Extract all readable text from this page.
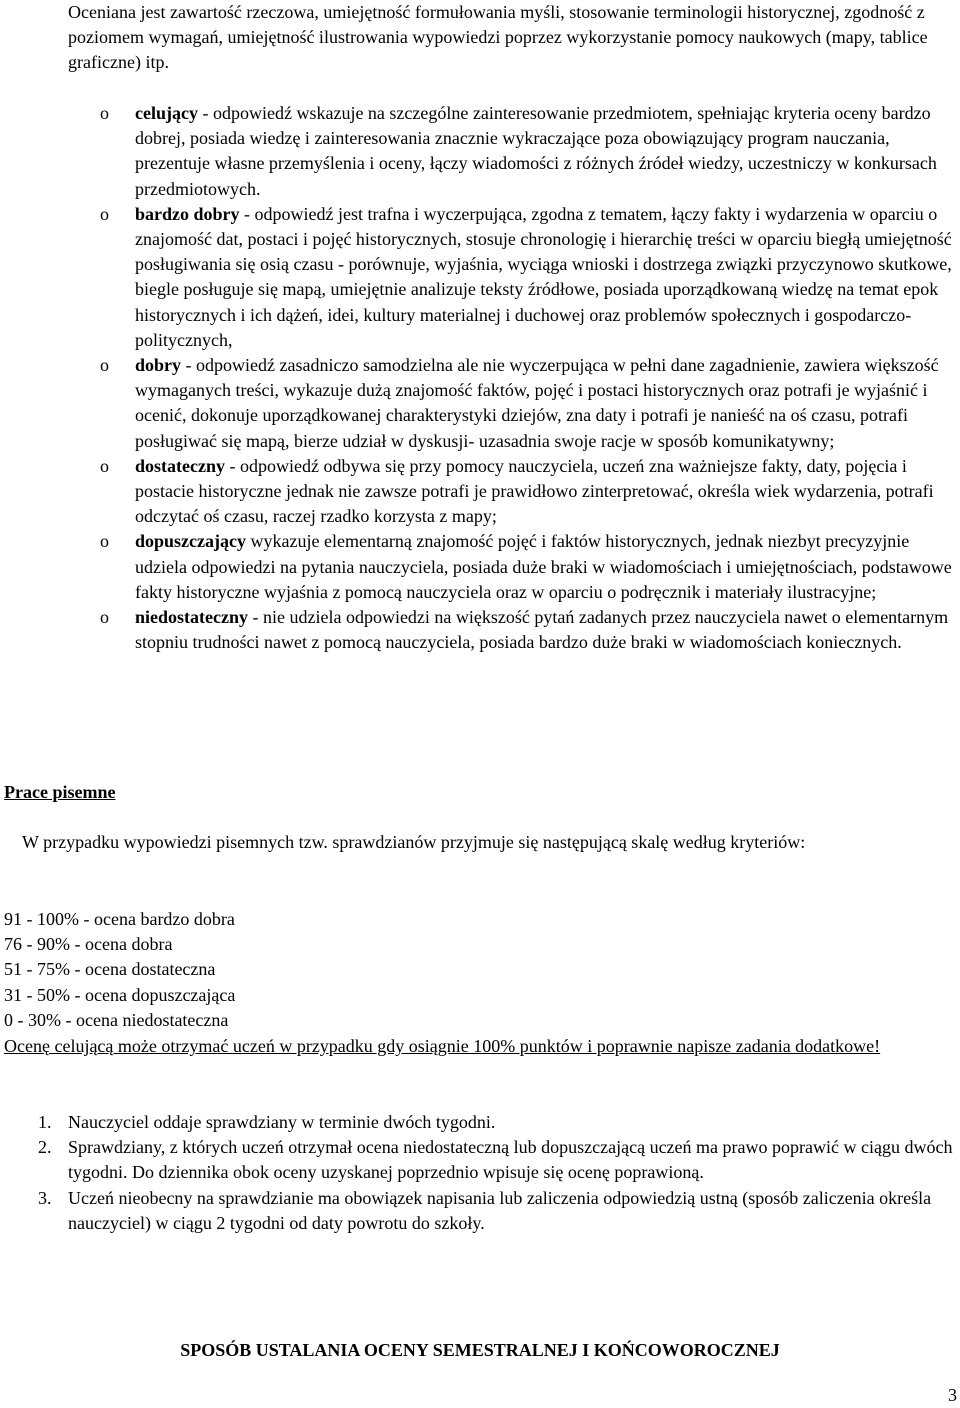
Oceniana jest zawartość rzeczowa, umiejętność formułowania myśli, stosowanie terminologii historycznej, zgodność z poziomem wymagań, umiejętność ilustrowania wypowiedzi poprzez wykorzystanie pomocy naukowych (mapy, tablice graficzne) itp.
o celujący - odpowiedź wskazuje na szczególne zainteresowanie przedmiotem, spełniając kryteria oceny bardzo dobrej, posiada wiedzę i zainteresowania znacznie wykraczające poza obowiązujący program nauczania, prezentuje własne przemyślenia i oceny, łączy wiadomości z różnych źródeł wiedzy, uczestniczy w konkursach przedmiotowych.
o bardzo dobry - odpowiedź jest trafna i wyczerpująca, zgodna z tematem, łączy fakty i wydarzenia w oparciu o znajomość dat, postaci i pojęć historycznych, stosuje chronologię i hierarchię treści w oparciu biegłą umiejętność posługiwania się osią czasu - porównuje, wyjaśnia, wyciąga wnioski i dostrzega związki przyczynowo skutkowe, biegle posługuje się mapą, umiejętnie analizuje teksty źródłowe, posiada uporządkowaną wiedzę na temat epok historycznych i ich dążeń, idei, kultury materialnej i duchowej oraz problemów społecznych i gospodarczo- politycznych,
o dobry - odpowiedź zasadniczo samodzielna ale nie wyczerpująca w pełni dane zagadnienie, zawiera większość wymaganych treści, wykazuje dużą znajomość faktów, pojęć i postaci historycznych oraz potrafi je wyjaśnić i ocenić, dokonuje uporządkowanej charakterystyki dziejów, zna daty i potrafi je nanieść na oś czasu, potrafi posługiwać się mapą, bierze udział w dyskusji- uzasadnia swoje racje w sposób komunikatywny;
o dostateczny - odpowiedź odbywa się przy pomocy nauczyciela, uczeń zna ważniejsze fakty, daty, pojęcia i postacie historyczne jednak nie zawsze potrafi je prawidłowo zinterpretować, określa wiek wydarzenia, potrafi odczytać oś czasu, raczej rzadko korzysta z mapy;
o dopuszczający wykazuje elementarną znajomość pojęć i faktów historycznych, jednak niezbyt precyzyjnie udziela odpowiedzi na pytania nauczyciela, posiada duże braki w wiadomościach i umiejętnościach, podstawowe fakty historyczne wyjaśnia z pomocą nauczyciela oraz w oparciu o podręcznik i materiały ilustracyjne;
o niedostateczny - nie udziela odpowiedzi na większość pytań zadanych przez nauczyciela nawet o elementarnym stopniu trudności nawet z pomocą nauczyciela, posiada bardzo duże braki w wiadomościach koniecznych.
Prace pisemne
W przypadku wypowiedzi pisemnych tzw. sprawdzianów przyjmuje się następującą skalę według kryteriów:
91 - 100% - ocena bardzo dobra
76 - 90% - ocena dobra
51 - 75% - ocena dostateczna
31 - 50% - ocena dopuszczająca
0 - 30% - ocena niedostateczna
Ocenę celującą może otrzymać uczeń w przypadku gdy osiągnie 100% punktów i poprawnie napisze zadania dodatkowe!
1. Nauczyciel oddaje sprawdziany w terminie dwóch tygodni.
2. Sprawdziany, z których uczeń otrzymał ocena niedostateczną lub dopuszczającą uczeń ma prawo poprawić w ciągu dwóch tygodni. Do dziennika obok oceny uzyskanej poprzednio wpisuje się ocenę poprawioną.
3. Uczeń nieobecny na sprawdzianie ma obowiązek napisania lub zaliczenia odpowiedzią ustną (sposób zaliczenia określa nauczyciel) w ciągu 2 tygodni od daty powrotu do szkoły.
SPOSÓB USTALANIA OCENY SEMESTRALNEJ I KOŃCOWOROCZNEJ
3
